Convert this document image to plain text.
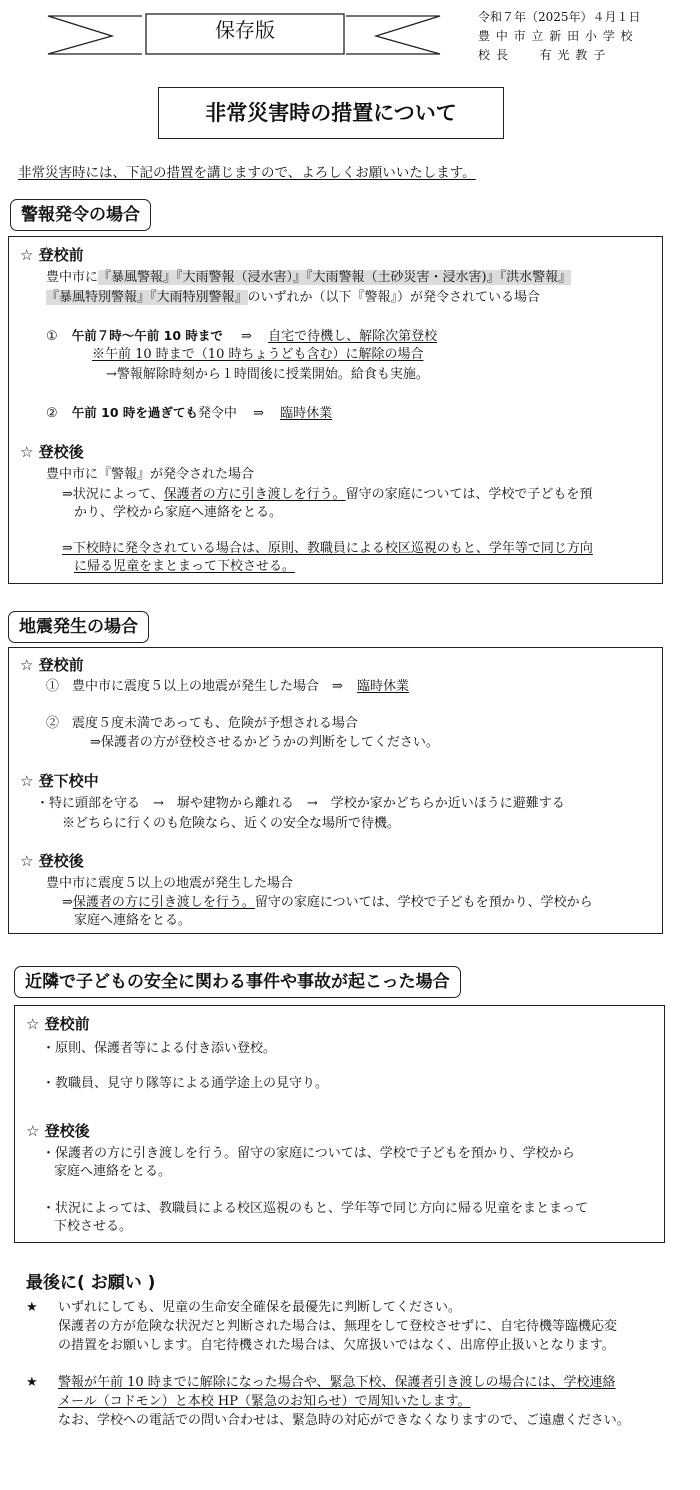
保存版
令和７年（2025年）４月１日
豊 中 市 立 新 田 小 学 校
校 長　　 有 光 教 子
非常災害時の措置について
非常災害時には、下記の措置を講じますので、よろしくお願いいたします。
警報発令の場合
☆ 登校前
豊中市に『暴風警報』『大雨警報（浸水害）』『大雨警報（土砂災害・浸水害)』『洪水警報』
『暴風特別警報』『大雨特別警報』のいずれか（以下『警報』）が発令されている場合
① 午前７時～午前 10 時まで ⇒ 自宅で待機し、解除次第登校
※午前 10 時まで（10 時ちょうども含む）に解除の場合
→警報解除時刻から１時間後に授業開始。給食も実施。
② 午前 10 時を過ぎても発令中 ⇒ 臨時休業
☆ 登校後
豊中市に『警報』が発令された場合
⇒状況によって、保護者の方に引き渡しを行う。留守の家庭については、学校で子どもを預
かり、学校から家庭へ連絡をとる。
⇒下校時に発令されている場合は、原則、教職員による校区巡視のもと、学年等で同じ方向
に帰る児童をまとまって下校させる。
地震発生の場合
☆ 登校前
①　豊中市に震度５以上の地震が発生した場合　⇒ 臨時休業
②　震度５度未満であっても、危険が予想される場合
⇒保護者の方が登校させるかどうかの判断をしてください。
☆ 登下校中
・特に頭部を守る　→　塀や建物から離れる　→　学校か家かどちらか近いほうに避難する
※どちらに行くのも危険なら、近くの安全な場所で待機。
☆ 登校後
豊中市に震度５以上の地震が発生した場合
⇒保護者の方に引き渡しを行う。留守の家庭については、学校で子どもを預かり、学校から
家庭へ連絡をとる。
近隣で子どもの安全に関わる事件や事故が起こった場合
☆ 登校前
・原則、保護者等による付き添い登校。
・教職員、見守り隊等による通学途上の見守り。
☆ 登校後
・保護者の方に引き渡しを行う。留守の家庭については、学校で子どもを預かり、学校から
家庭へ連絡をとる。
・状況によっては、教職員による校区巡視のもと、学年等で同じ方向に帰る児童をまとまって
下校させる。
最後に( お願い )
★ いずれにしても、児童の生命安全確保を最優先に判断してください。
保護者の方が危険な状況だと判断された場合は、無理をして登校させずに、自宅待機等臨機応変
の措置をお願いします。自宅待機された場合は、欠席扱いではなく、出席停止扱いとなります。
★ 警報が午前 10 時までに解除になった場合や、緊急下校、保護者引き渡しの場合には、学校連絡
メール（コドモン）と本校 HP（緊急のお知らせ）で周知いたします。
なお、学校への電話での問い合わせは、緊急時の対応ができなくなりますので、ご遠慮ください。
